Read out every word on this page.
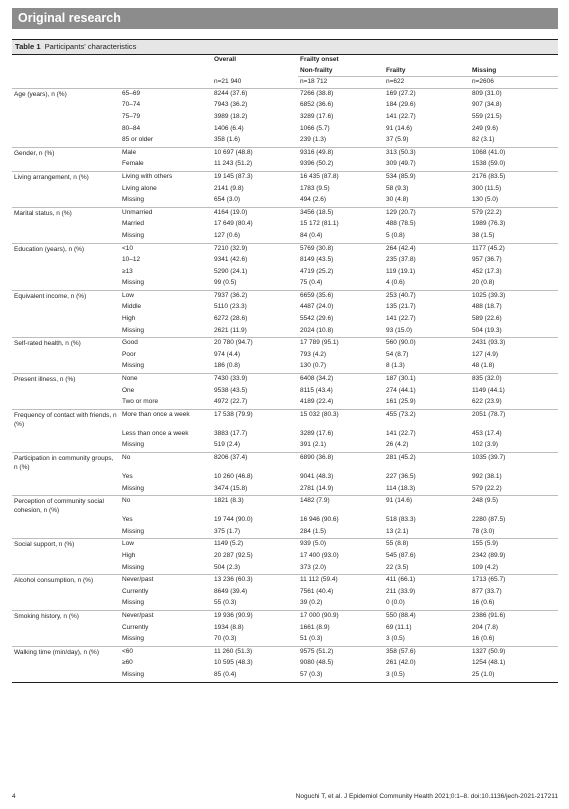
Original research
Table 1 Participants' characteristics
		Overall	Frailty onset		
			Non-frailty	Frailty	Missing
		n=21 940	n=18 712	n=622	n=2606
Age (years), n (%)	65–69	8244 (37.6)	7266 (38.8)	169 (27.2)	809 (31.0)
	70–74	7943 (36.2)	6852 (36.6)	184 (29.6)	907 (34.8)
	75–79	3989 (18.2)	3289 (17.6)	141 (22.7)	559 (21.5)
	80–84	1406 (6.4)	1066 (5.7)	91 (14.6)	249 (9.6)
	85 or older	358 (1.6)	239 (1.3)	37 (5.9)	82 (3.1)
Gender, n (%)	Male	10 697 (48.8)	9316 (49.8)	313 (50.3)	1068 (41.0)
	Female	11 243 (51.2)	9396 (50.2)	309 (49.7)	1538 (59.0)
Living arrangement, n (%)	Living with others	19 145 (87.3)	16 435 (87.8)	534 (85.9)	2176 (83.5)
	Living alone	2141 (9.8)	1783 (9.5)	58 (9.3)	300 (11.5)
	Missing	654 (3.0)	494 (2.6)	30 (4.8)	130 (5.0)
Marital status, n (%)	Unmarried	4164 (19.0)	3456 (18.5)	129 (20.7)	579 (22.2)
	Married	17 649 (80.4)	15 172 (81.1)	488 (78.5)	1989 (76.3)
	Missing	127 (0.6)	84 (0.4)	5 (0.8)	38 (1.5)
Education (years), n (%)	<10	7210 (32.9)	5769 (30.8)	264 (42.4)	1177 (45.2)
	10–12	9341 (42.6)	8149 (43.5)	235 (37.8)	957 (36.7)
	≥13	5290 (24.1)	4719 (25.2)	119 (19.1)	452 (17.3)
	Missing	99 (0.5)	75 (0.4)	4 (0.6)	20 (0.8)
Equivalent income, n (%)	Low	7937 (36.2)	6659 (35.6)	253 (40.7)	1025 (39.3)
	Middle	5110 (23.3)	4487 (24.0)	135 (21.7)	488 (18.7)
	High	6272 (28.6)	5542 (29.6)	141 (22.7)	589 (22.6)
	Missing	2621 (11.9)	2024 (10.8)	93 (15.0)	504 (19.3)
Self-rated health, n (%)	Good	20 780 (94.7)	17 789 (95.1)	560 (90.0)	2431 (93.3)
	Poor	974 (4.4)	793 (4.2)	54 (8.7)	127 (4.9)
	Missing	186 (0.8)	130 (0.7)	8 (1.3)	48 (1.8)
Present illness, n (%)	None	7430 (33.9)	6408 (34.2)	187 (30.1)	835 (32.0)
	One	9538 (43.5)	8115 (43.4)	274 (44.1)	1149 (44.1)
	Two or more	4972 (22.7)	4189 (22.4)	161 (25.9)	622 (23.9)
Frequency of contact with friends, n (%)	More than once a week	17 538 (79.9)	15 032 (80.3)	455 (73.2)	2051 (78.7)
	Less than once a week	3883 (17.7)	3289 (17.6)	141 (22.7)	453 (17.4)
	Missing	519 (2.4)	391 (2.1)	26 (4.2)	102 (3.9)
Participation in community groups, n (%)	No	8206 (37.4)	6890 (36.8)	281 (45.2)	1035 (39.7)
	Yes	10 260 (46.8)	9041 (48.3)	227 (36.5)	992 (38.1)
	Missing	3474 (15.8)	2781 (14.9)	114 (18.3)	579 (22.2)
Perception of community social cohesion, n (%)	No	1821 (8.3)	1482 (7.9)	91 (14.6)	248 (9.5)
	Yes	19 744 (90.0)	16 946 (90.6)	518 (83.3)	2280 (87.5)
	Missing	375 (1.7)	284 (1.5)	13 (2.1)	78 (3.0)
Social support, n (%)	Low	1149 (5.2)	939 (5.0)	55 (8.8)	155 (5.9)
	High	20 287 (92.5)	17 400 (93.0)	545 (87.6)	2342 (89.9)
	Missing	504 (2.3)	373 (2.0)	22 (3.5)	109 (4.2)
Alcohol consumption, n (%)	Never/past	13 236 (60.3)	11 112 (59.4)	411 (66.1)	1713 (65.7)
	Currently	8649 (39.4)	7561 (40.4)	211 (33.9)	877 (33.7)
	Missing	55 (0.3)	39 (0.2)	0 (0.0)	16 (0.6)
Smoking history, n (%)	Never/past	19 936 (90.9)	17 000 (90.9)	550 (88.4)	2386 (91.6)
	Currently	1934 (8.8)	1661 (8.9)	69 (11.1)	204 (7.8)
	Missing	70 (0.3)	51 (0.3)	3 (0.5)	16 (0.6)
Walking time (min/day), n (%)	<60	11 260 (51.3)	9575 (51.2)	358 (57.6)	1327 (50.9)
	≥60	10 595 (48.3)	9080 (48.5)	261 (42.0)	1254 (48.1)
	Missing	85 (0.4)	57 (0.3)	3 (0.5)	25 (1.0)
4	Noguchi T, et al. J Epidemiol Community Health 2021;0:1–8. doi:10.1136/jech-2021-217211
